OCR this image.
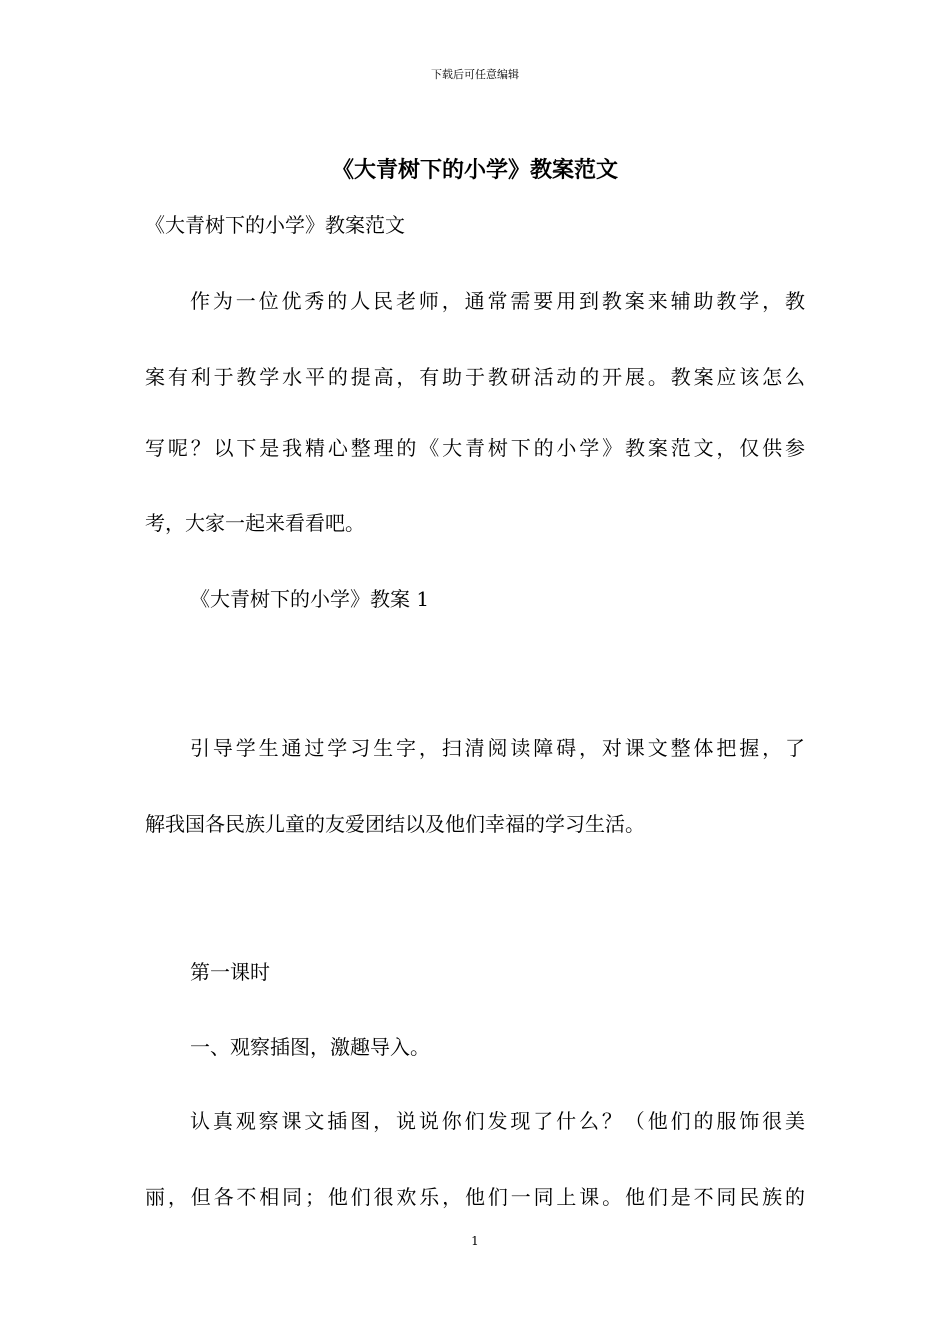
下载后可任意编辑
《大青树下的小学》教案范文

《大青树下的小学》教案范文

作为一位优秀的人民老师，通常需要用到教案来辅助教学，教

案有利于教学水平的提高，有助于教研活动的开展。教案应该怎么

写呢？以下是我精心整理的《大青树下的小学》教案范文，仅供参

考，大家一起来看看吧。

《大青树下的小学》教案 1

引导学生通过学习生字，扫清阅读障碍，对课文整体把握，了

解我国各民族儿童的友爱团结以及他们幸福的学习生活。

第一课时

一、观察插图，激趣导入。

认真观察课文插图，说说你们发现了什么？（他们的服饰很美

丽，但各不相同；他们很欢乐，他们一同上课。他们是不同民族的

1
